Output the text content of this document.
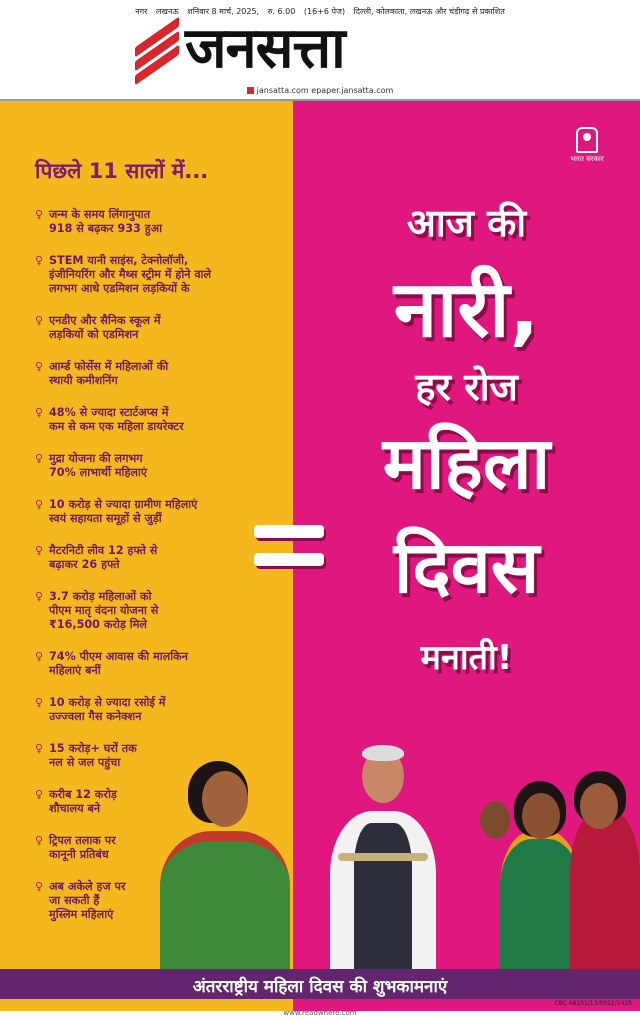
नगर लखनऊ शनिवार 8 मार्च, 2025, रु. 6.00 (16+6 पेज) दिल्ली, कोलकाता, लखनऊ और चंडीगढ़ से प्रकाशित
जनसत्ता
jansatta.com epaper.jansatta.com
पिछले 11 सालों में...
♀ जन्म के समय लिंगानुपात
918 से बढ़कर 933 हुआ
♀ STEM यानी साइंस, टेक्नोलॉजी,
इंजीनियरिंग और मैथ्स स्ट्रीम में होने वाले
लगभग आधे एडमिशन लड़कियों के
♀ एनडीए और सैनिक स्कूल में
लड़कियों को एडमिशन
♀ आर्म्ड फोर्सेस में महिलाओं की
स्थायी कमीशनिंग
♀ 48% से ज्यादा स्टार्टअप्स में
कम से कम एक महिला डायरेक्टर
♀ मुद्रा योजना की लगभग
70% लाभार्थी महिलाएं
♀ 10 करोड़ से ज्यादा ग्रामीण महिलाएं
स्वयं सहायता समूहों से जुड़ीं
♀ मैटरनिटी लीव 12 हफ्ते से
बढ़ाकर 26 हफ्ते
♀ 3.7 करोड़ महिलाओं को
पीएम मातृ वंदना योजना से
₹16,500 करोड़ मिले
♀ 74% पीएम आवास की मालकिन
महिलाएं बनीं
♀ 10 करोड़ से ज्यादा रसोई में
उज्ज्वला गैस कनेक्शन
♀ 15 करोड़+ घरों तक
नल से जल पहुंचा
♀ करीब 12 करोड़
शौचालय बने
♀ ट्रिपल तलाक पर
कानूनी प्रतिबंध
♀ अब अकेले हज पर
जा सकती हैं
मुस्लिम महिलाएं
भारत सरकार
आज की
नारी,
हर रोज
महिला
दिवस
मनाती!
अंतरराष्ट्रीय महिला दिवस की शुभकामनाएं
CBC 48101/13/0012/2425
www.readwhere.com
